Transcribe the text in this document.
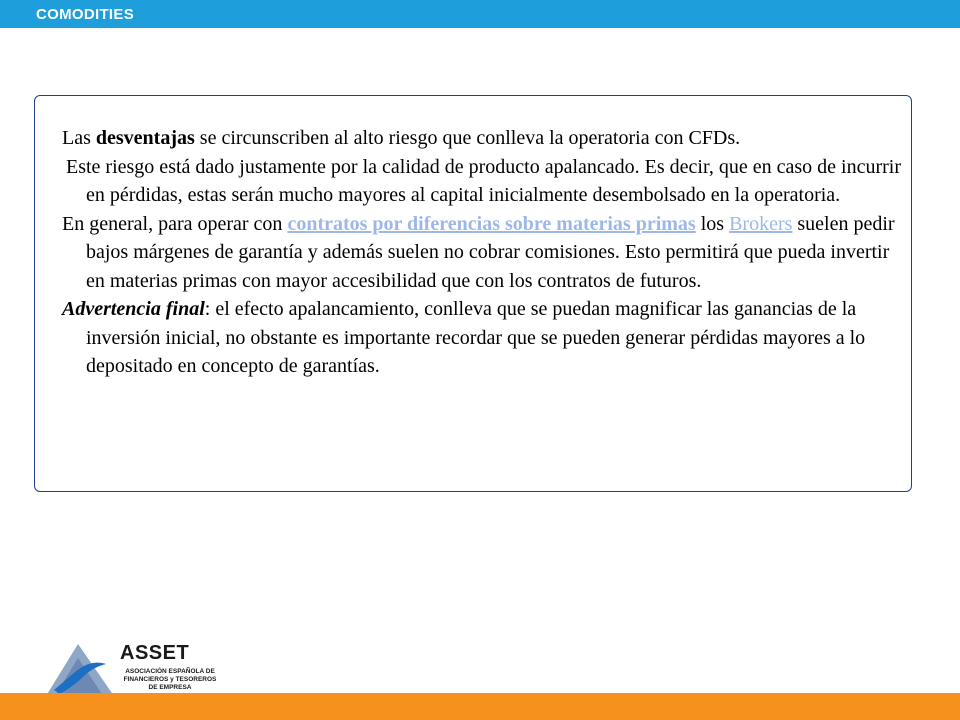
COMODITIES

Las desventajas se circunscriben al alto riesgo que conlleva la operatoria con CFDs.

Este riesgo está dado justamente por la calidad de producto apalancado. Es decir, que en caso de incurrir en pérdidas, estas serán mucho mayores al capital inicialmente desembolsado en la operatoria.

En general, para operar con contratos por diferencias sobre materias primas los Brokers suelen pedir bajos márgenes de garantía y además suelen no cobrar comisiones. Esto permitirá que pueda invertir en materias primas con mayor accesibilidad que con los contratos de futuros.

Advertencia final: el efecto apalancamiento, conlleva que se puedan magnificar las ganancias de la inversión inicial, no obstante es importante recordar que se pueden generar pérdidas mayores a lo depositado en concepto de garantías.

ASSET
ASOCIACIÓN ESPAÑOLA DE
FINANCIEROS y TESOREROS
DE EMPRESA
